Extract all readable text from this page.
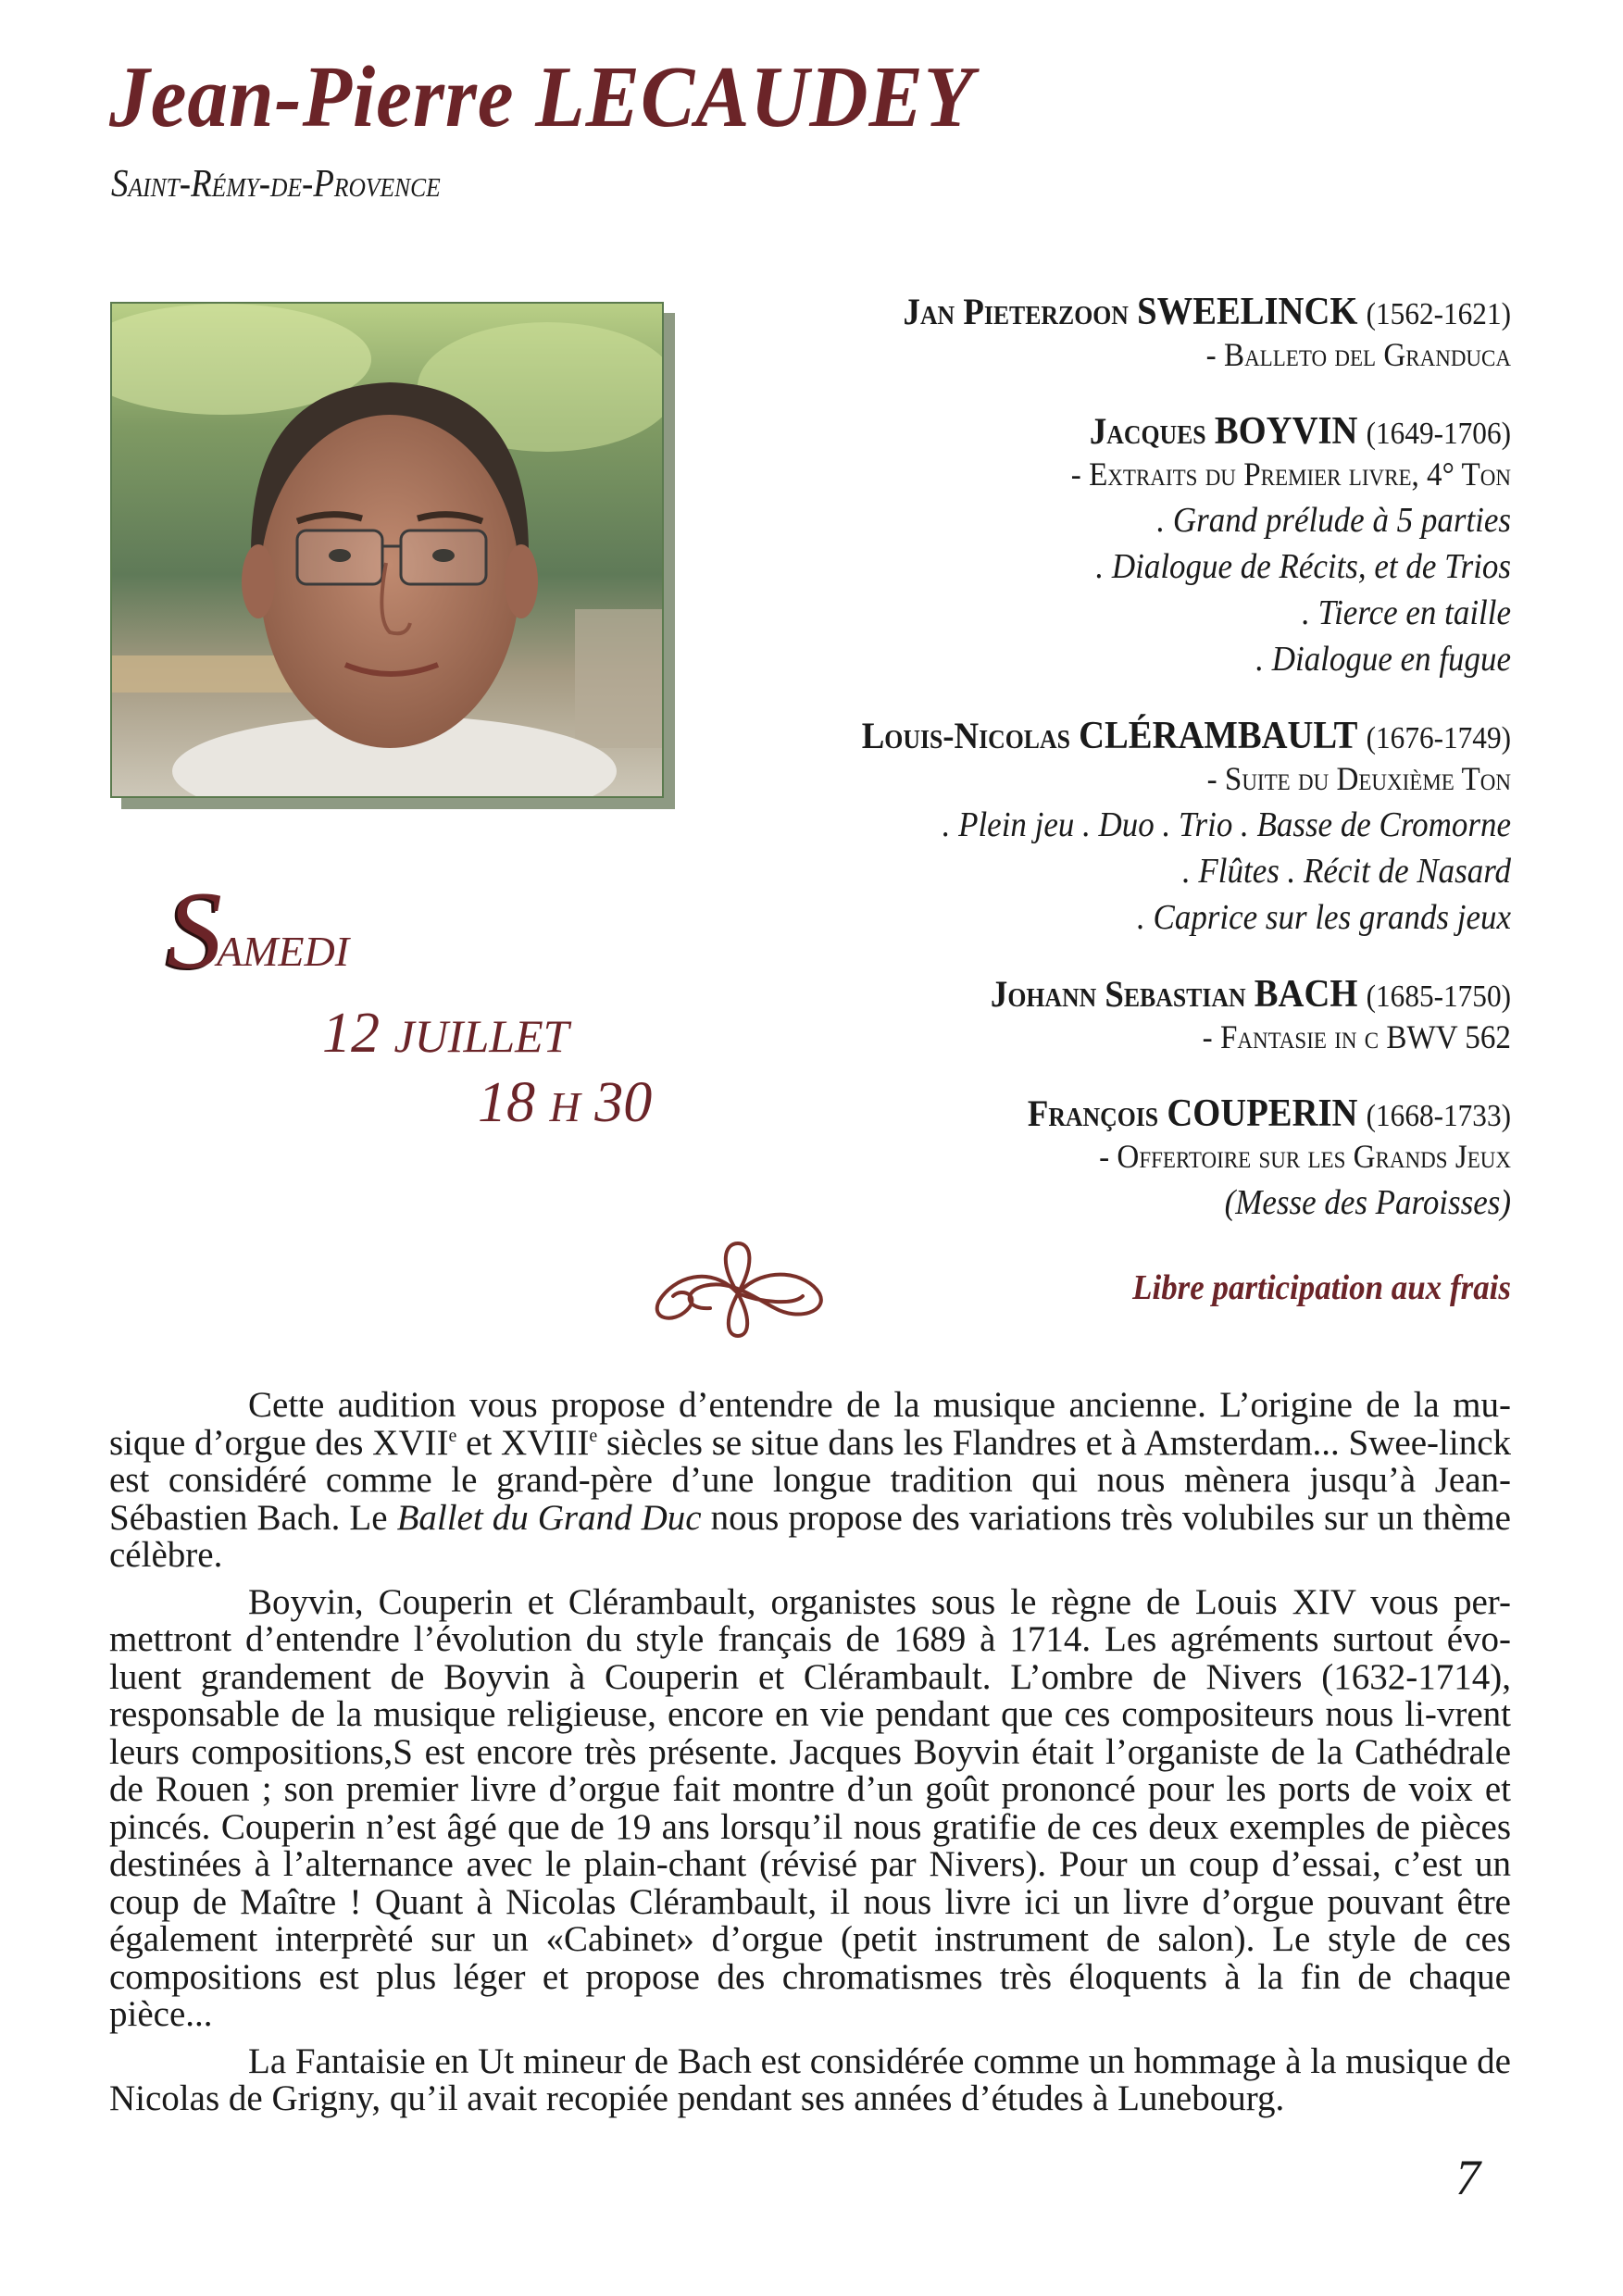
Jean-Pierre LECAUDEY
Saint-Rémy-de-Provence
SAMEDI
12 JUILLET
18 H 30
Jan Pieterzoon SWEELINCK (1562-1621)
- Balleto del Granduca
Jacques BOYVIN (1649-1706)
- Extraits du Premier livre, 4° Ton
. Grand prélude à 5 parties
. Dialogue de Récits, et de Trios
. Tierce en taille
. Dialogue en fugue
Louis-Nicolas CLÉRAMBAULT (1676-1749)
- Suite du Deuxième Ton
. Plein jeu . Duo . Trio . Basse de Cromorne
. Flûtes . Récit de Nasard
. Caprice sur les grands jeux
Johann Sebastian BACH (1685-1750)
- Fantasie in c BWV 562
François COUPERIN (1668-1733)
- Offertoire sur les Grands Jeux
(Messe des Paroisses)
Libre participation aux frais

Cette audition vous propose d’entendre de la musique ancienne. L’origine de la mu-sique d’orgue des XVIIe et XVIIIe siècles se situe dans les Flandres et à Amsterdam... Swee-linck est considéré comme le grand-père d’une longue tradition qui nous mènera jusqu’à Jean-Sébastien Bach. Le Ballet du Grand Duc nous propose des variations très volubiles sur un thème célèbre.

Boyvin, Couperin et Clérambault, organistes sous le règne de Louis XIV vous per-mettront d’entendre l’évolution du style français de 1689 à 1714. Les agréments surtout évo-luent grandement de Boyvin à Couperin et Clérambault. L’ombre de Nivers (1632-1714), responsable de la musique religieuse, encore en vie pendant que ces compositeurs nous li-vrent leurs compositions,S est encore très présente. Jacques Boyvin était l’organiste de la Cathédrale de Rouen ; son premier livre d’orgue fait montre d’un goût prononcé pour les ports de voix et pincés. Couperin n’est âgé que de 19 ans lorsqu’il nous gratifie de ces deux exemples de pièces destinées à l’alternance avec le plain-chant (révisé par Nivers). Pour un coup d’essai, c’est un coup de Maître ! Quant à Nicolas Clérambault, il nous livre ici un livre d’orgue pouvant être également interprèté sur un «Cabinet» d’orgue (petit instrument de salon). Le style de ces compositions est plus léger et propose des chromatismes très éloquents à la fin de chaque pièce...

La Fantaisie en Ut mineur de Bach est considérée comme un hommage à la musique de Nicolas de Grigny, qu’il avait recopiée pendant ses années d’études à Lunebourg.

7
